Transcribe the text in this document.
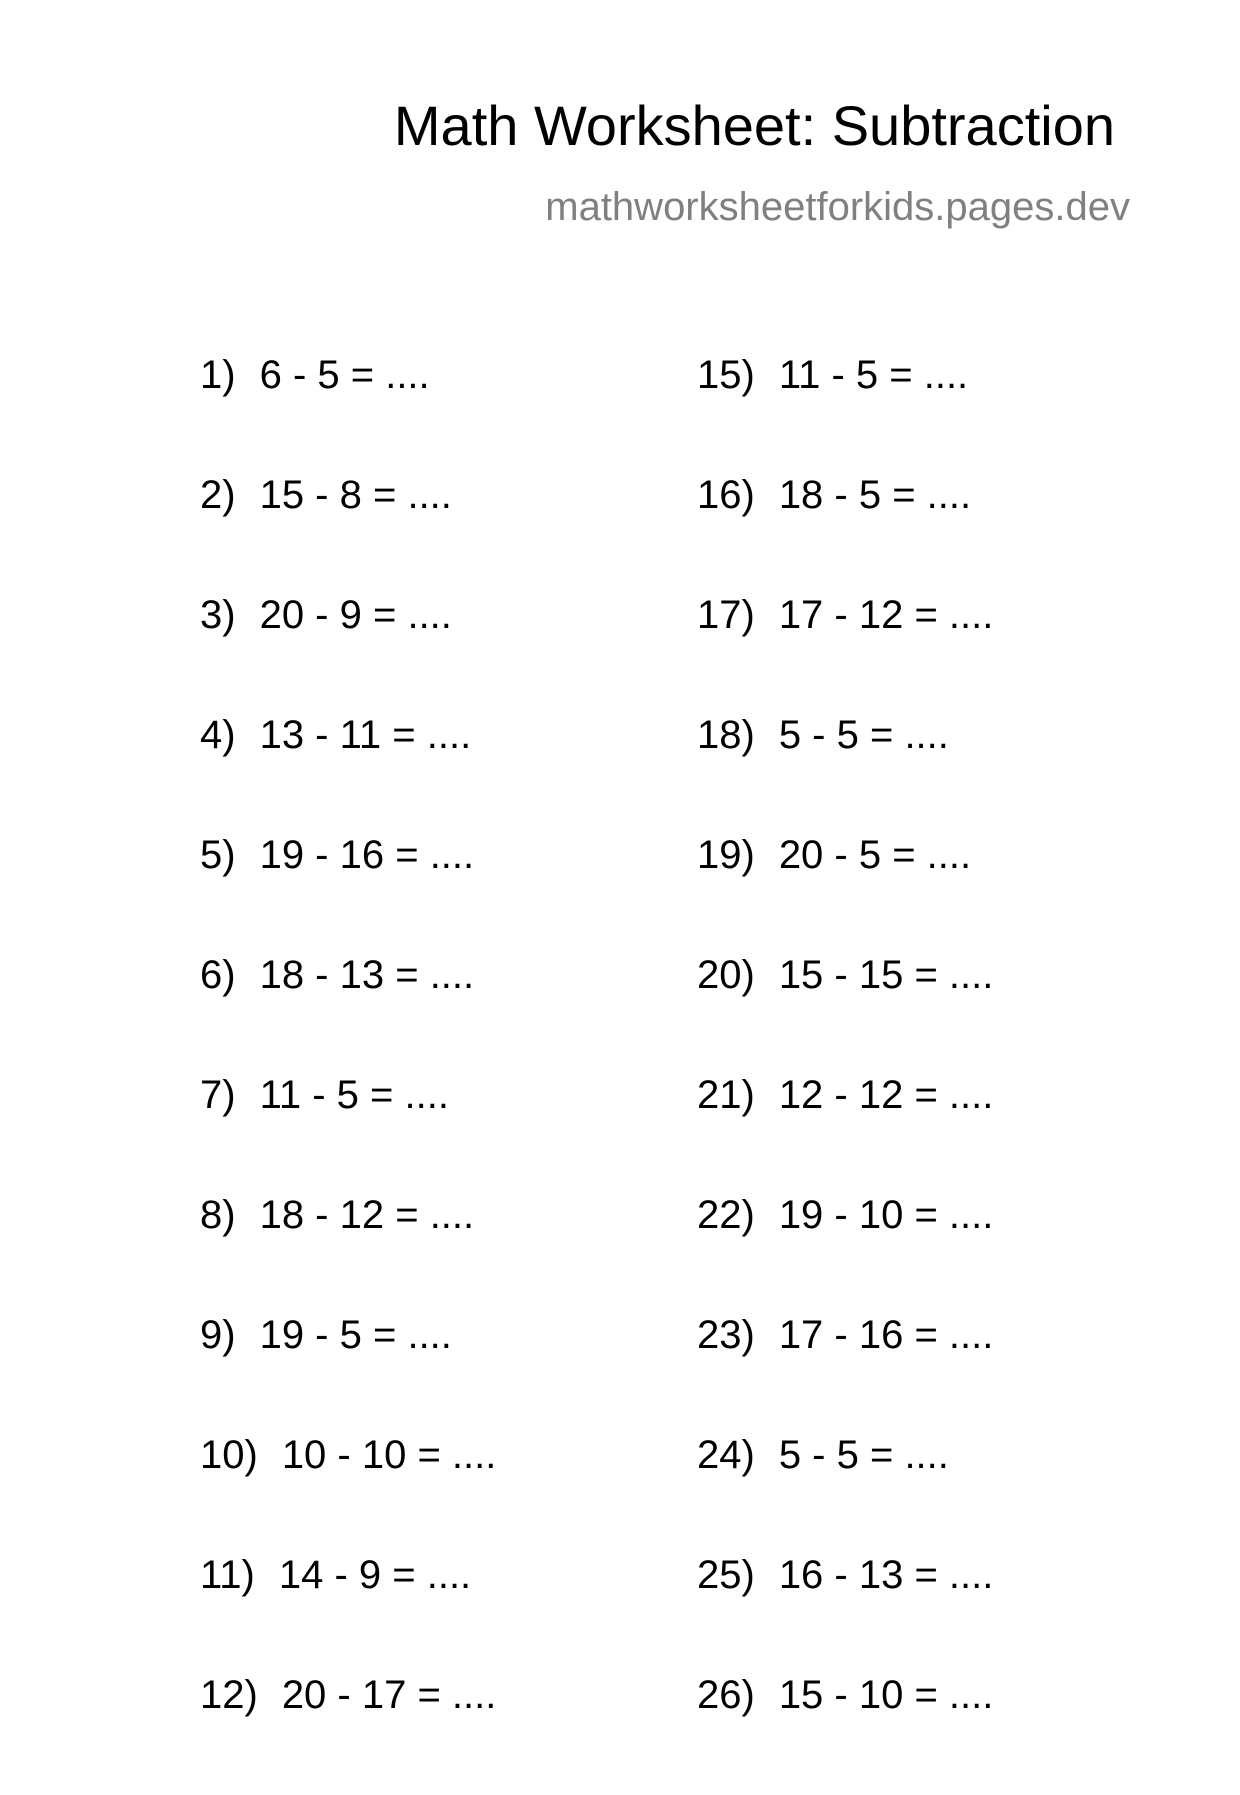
Math Worksheet: Subtraction
mathworksheetforkids.pages.dev
1) 6 - 5 = ....
2) 15 - 8 = ....
3) 20 - 9 = ....
4) 13 - 11 = ....
5) 19 - 16 = ....
6) 18 - 13 = ....
7) 11 - 5 = ....
8) 18 - 12 = ....
9) 19 - 5 = ....
10) 10 - 10 = ....
11) 14 - 9 = ....
12) 20 - 17 = ....
15) 11 - 5 = ....
16) 18 - 5 = ....
17) 17 - 12 = ....
18) 5 - 5 = ....
19) 20 - 5 = ....
20) 15 - 15 = ....
21) 12 - 12 = ....
22) 19 - 10 = ....
23) 17 - 16 = ....
24) 5 - 5 = ....
25) 16 - 13 = ....
26) 15 - 10 = ....
